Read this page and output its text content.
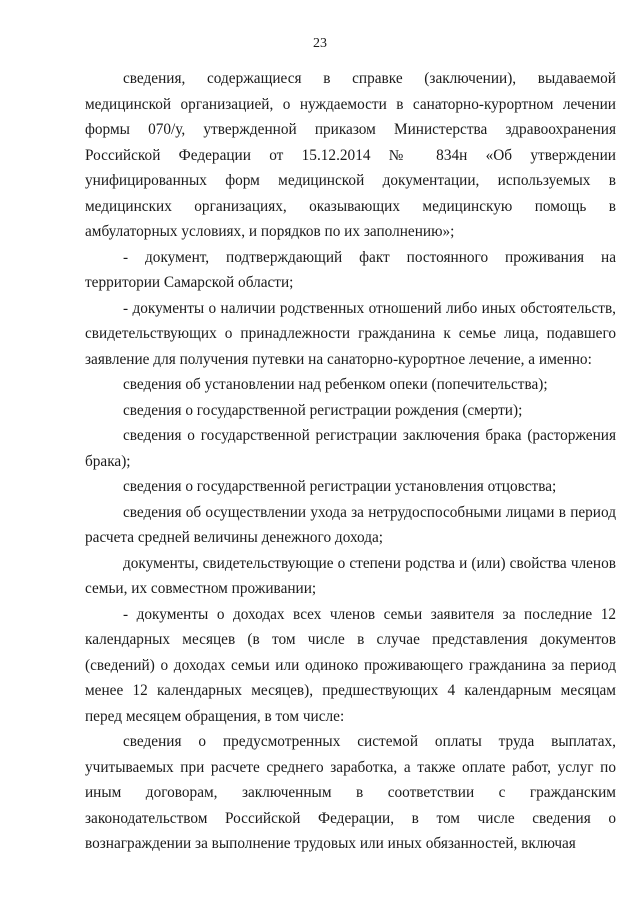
23

сведения, содержащиеся в справке (заключении), выдаваемой медицинской организацией, о нуждаемости в санаторно-курортном лечении формы 070/у, утвержденной приказом Министерства здравоохранения Российской Федерации от 15.12.2014 № 834н «Об утверждении унифицированных форм медицинской документации, используемых в медицинских организациях, оказывающих медицинскую помощь в амбулаторных условиях, и порядков по их заполнению»;

- документ, подтверждающий факт постоянного проживания на территории Самарской области;

- документы о наличии родственных отношений либо иных обстоятельств, свидетельствующих о принадлежности гражданина к семье лица, подавшего заявление для получения путевки на санаторно-курортное лечение, а именно:

сведения об установлении над ребенком опеки (попечительства);

сведения о государственной регистрации рождения (смерти);

сведения о государственной регистрации заключения брака (расторжения брака);

сведения о государственной регистрации установления отцовства;

сведения об осуществлении ухода за нетрудоспособными лицами в период расчета средней величины денежного дохода;

документы, свидетельствующие о степени родства и (или) свойства членов семьи, их совместном проживании;

- документы о доходах всех членов семьи заявителя за последние 12 календарных месяцев (в том числе в случае представления документов (сведений) о доходах семьи или одиноко проживающего гражданина за период менее 12 календарных месяцев), предшествующих 4 календарным месяцам перед месяцем обращения, в том числе:

сведения о предусмотренных системой оплаты труда выплатах, учитываемых при расчете среднего заработка, а также оплате работ, услуг по иным договорам, заключенным в соответствии с гражданским законодательством Российской Федерации, в том числе сведения о вознаграждении за выполнение трудовых или иных обязанностей, включая
